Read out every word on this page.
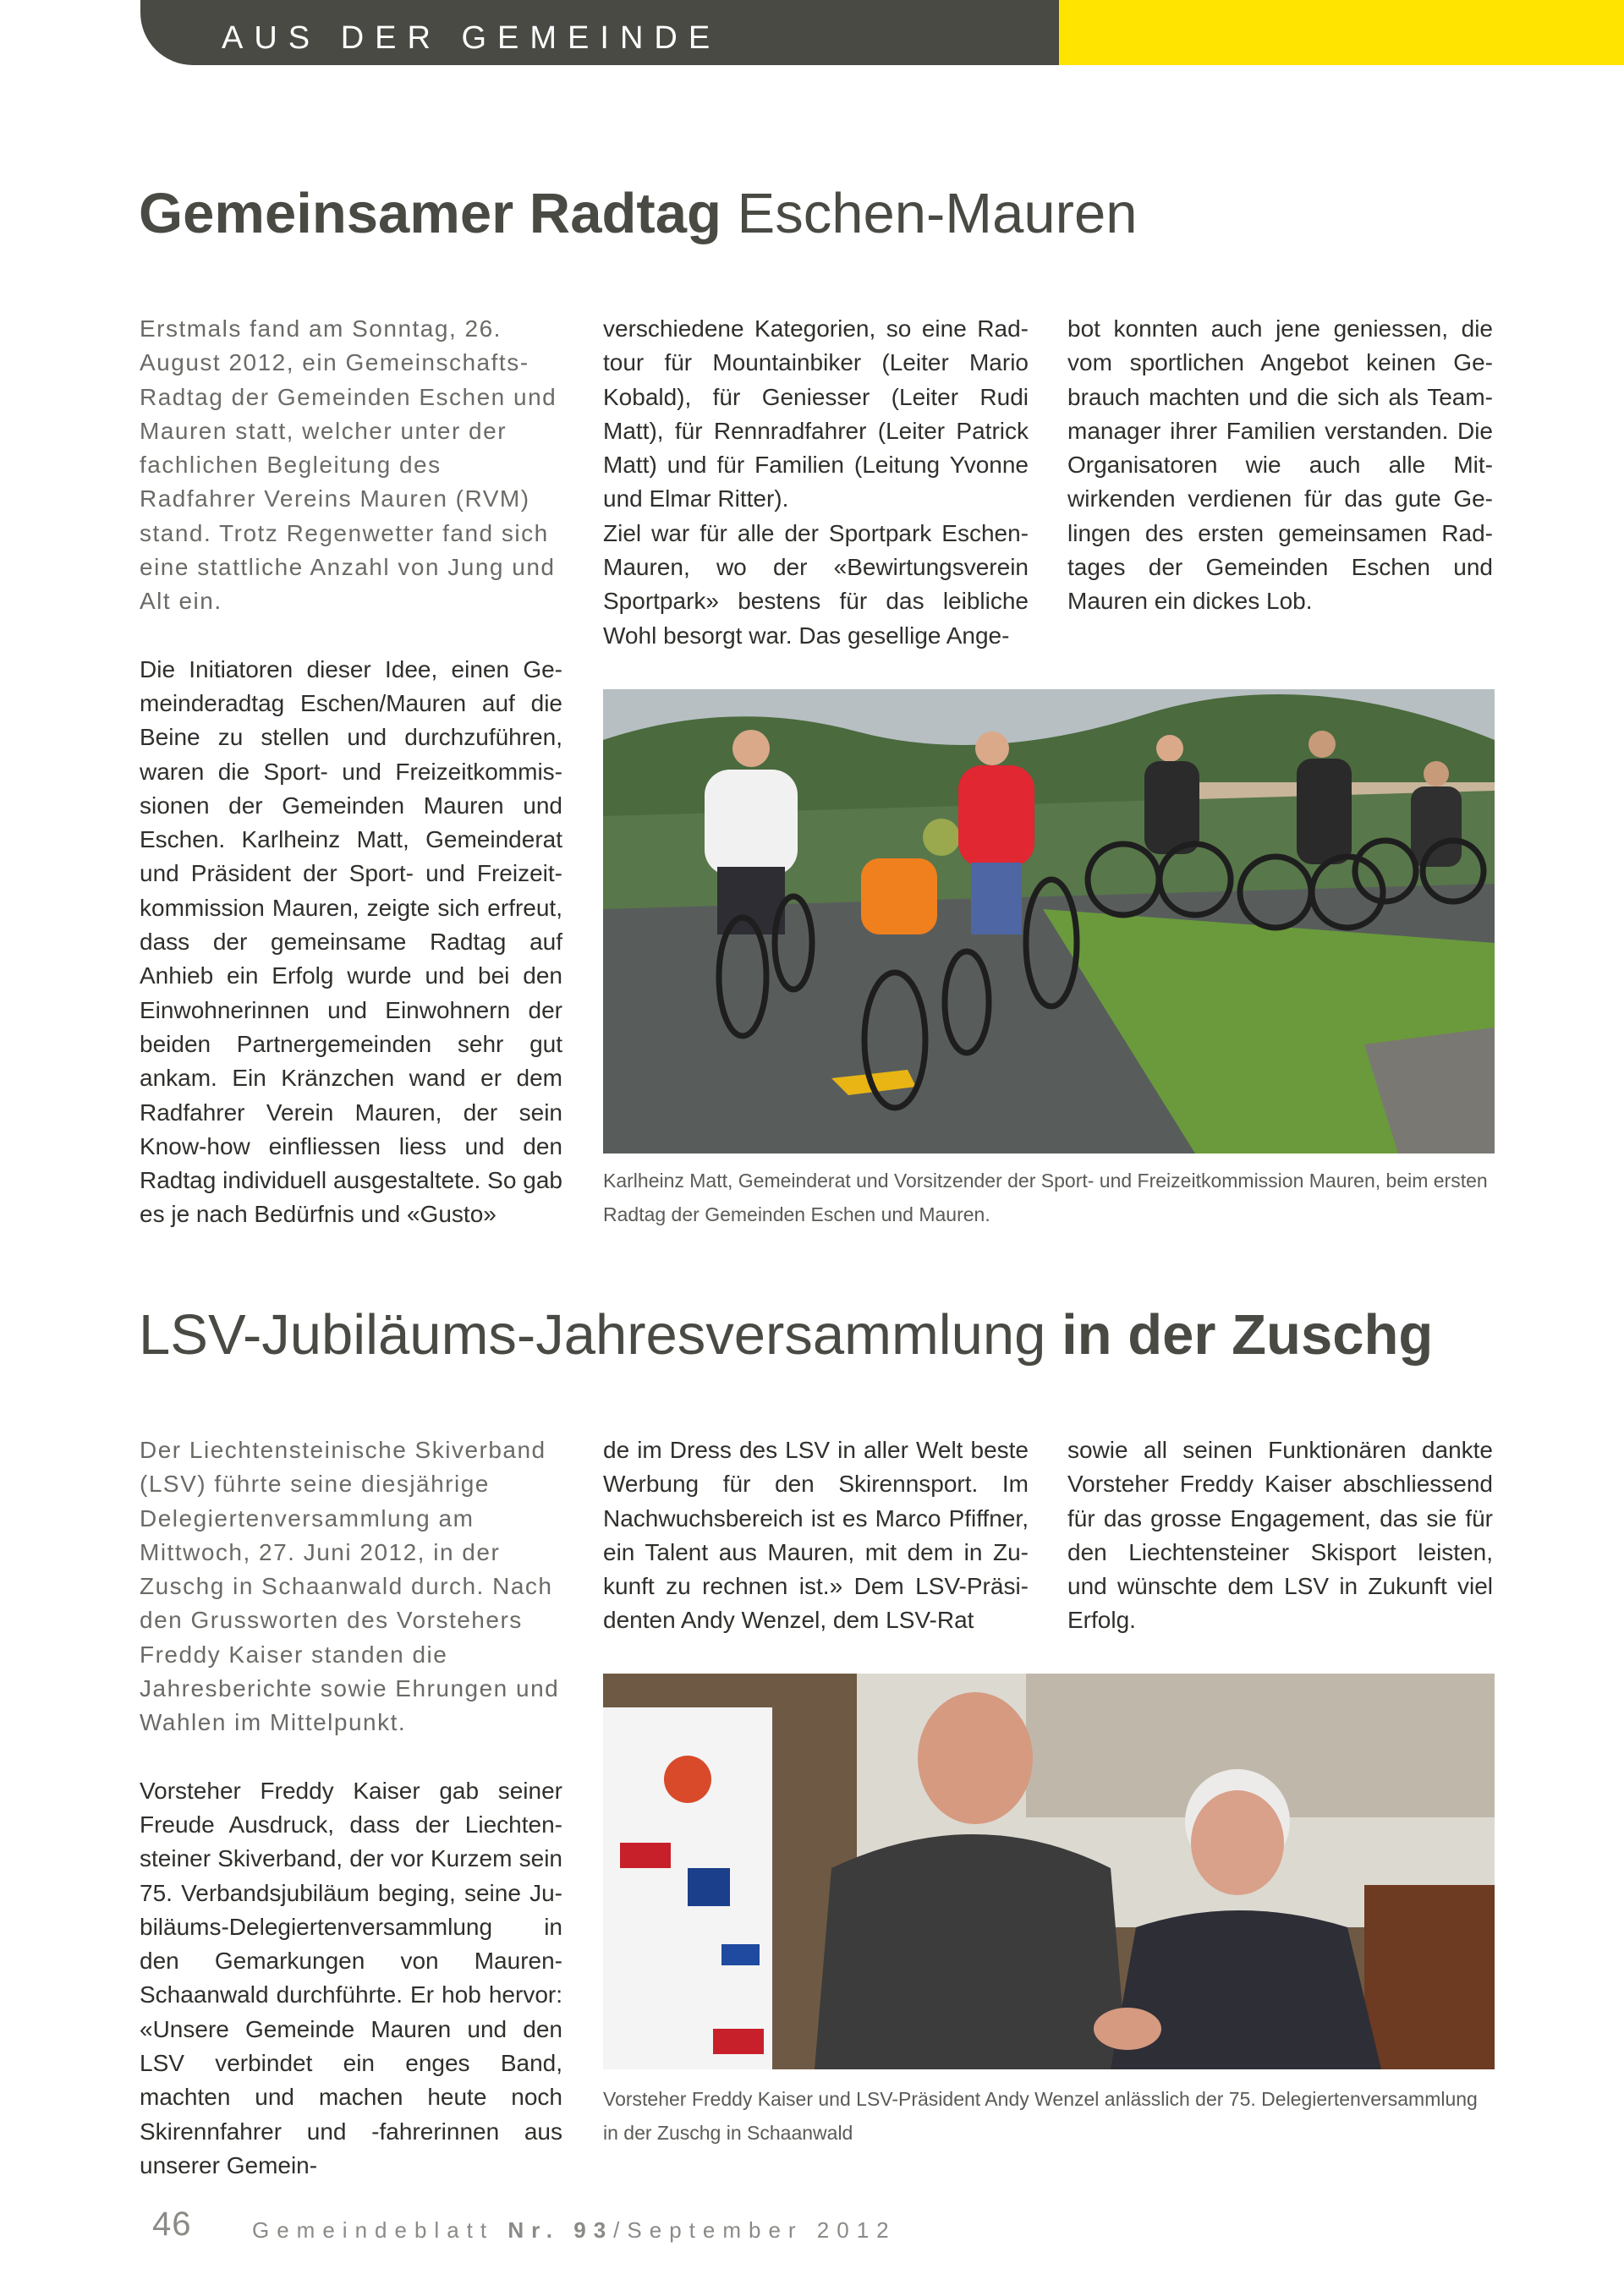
AUS DER GEMEINDE
Gemeinsamer Radtag Eschen-Mauren

Erstmals fand am Sonntag, 26. August 2012, ein Gemeinschafts-Radtag der Gemeinden Eschen und Mauren statt, welcher unter der fachlichen Begleitung des Radfahrer Vereins Mauren (RVM) stand. Trotz Regenwetter fand sich eine stattliche Anzahl von Jung und Alt ein.

Die Initiatoren dieser Idee, einen Gemeinderadtag Eschen/Mauren auf die Beine zu stellen und durchzuführen, waren die Sport- und Freizeitkommissionen der Gemeinden Mauren und Eschen. Karlheinz Matt, Gemeinderat und Präsident der Sport- und Freizeitkommission Mauren, zeigte sich erfreut, dass der gemeinsame Radtag auf Anhieb ein Erfolg wurde und bei den Einwohnerinnen und Einwohnern der beiden Partnergemeinden sehr gut ankam. Ein Kränzchen wand er dem Radfahrer Verein Mauren, der sein Know-how einfliessen liess und den Radtag individuell ausgestaltete. So gab es je nach Bedürfnis und «Gusto»

verschiedene Kategorien, so eine Radtour für Mountainbiker (Leiter Mario Kobald), für Geniesser (Leiter Rudi Matt), für Rennradfahrer (Leiter Patrick Matt) und für Familien (Leitung Yvonne und Elmar Ritter).

Ziel war für alle der Sportpark Eschen-Mauren, wo der «Bewirtungsverein Sportpark» bestens für das leibliche Wohl besorgt war. Das gesellige Ange-

bot konnten auch jene geniessen, die vom sportlichen Angebot keinen Gebrauch machten und die sich als Teammanager ihrer Familien verstanden. Die Organisatoren wie auch alle Mitwirkenden verdienen für das gute Gelingen des ersten gemeinsamen Radtages der Gemeinden Eschen und Mauren ein dickes Lob.

Karlheinz Matt, Gemeinderat und Vorsitzender der Sport- und Freizeitkommission Mauren, beim ersten Radtag der Gemeinden Eschen und Mauren.
LSV-Jubiläums-Jahresversammlung in der Zuschg

Der Liechtensteinische Skiverband (LSV) führte seine diesjährige Delegiertenversammlung am Mittwoch, 27. Juni 2012, in der Zuschg in Schaanwald durch. Nach den Grussworten des Vorstehers Freddy Kaiser standen die Jahresberichte sowie Ehrungen und Wahlen im Mittelpunkt.

Vorsteher Freddy Kaiser gab seiner Freude Ausdruck, dass der Liechtensteiner Skiverband, der vor Kurzem sein 75. Verbandsjubiläum beging, seine Jubiläums-Delegiertenversammlung in den Gemarkungen von Mauren-Schaanwald durchführte. Er hob hervor: «Unsere Gemeinde Mauren und den LSV verbindet ein enges Band, machten und machen heute noch Skirennfahrer und -fahrerinnen aus unserer Gemein-

de im Dress des LSV in aller Welt beste Werbung für den Skirennsport. Im Nachwuchsbereich ist es Marco Pfiffner, ein Talent aus Mauren, mit dem in Zukunft zu rechnen ist.» Dem LSV-Präsidenten Andy Wenzel, dem LSV-Rat

sowie all seinen Funktionären dankte Vorsteher Freddy Kaiser abschliessend für das grosse Engagement, das sie für den Liechtensteiner Skisport leisten, und wünschte dem LSV in Zukunft viel Erfolg.

Vorsteher Freddy Kaiser und LSV-Präsident Andy Wenzel anlässlich der 75. Delegiertenversammlung in der Zuschg in Schaanwald
46	Gemeindeblatt Nr. 93/September 2012
